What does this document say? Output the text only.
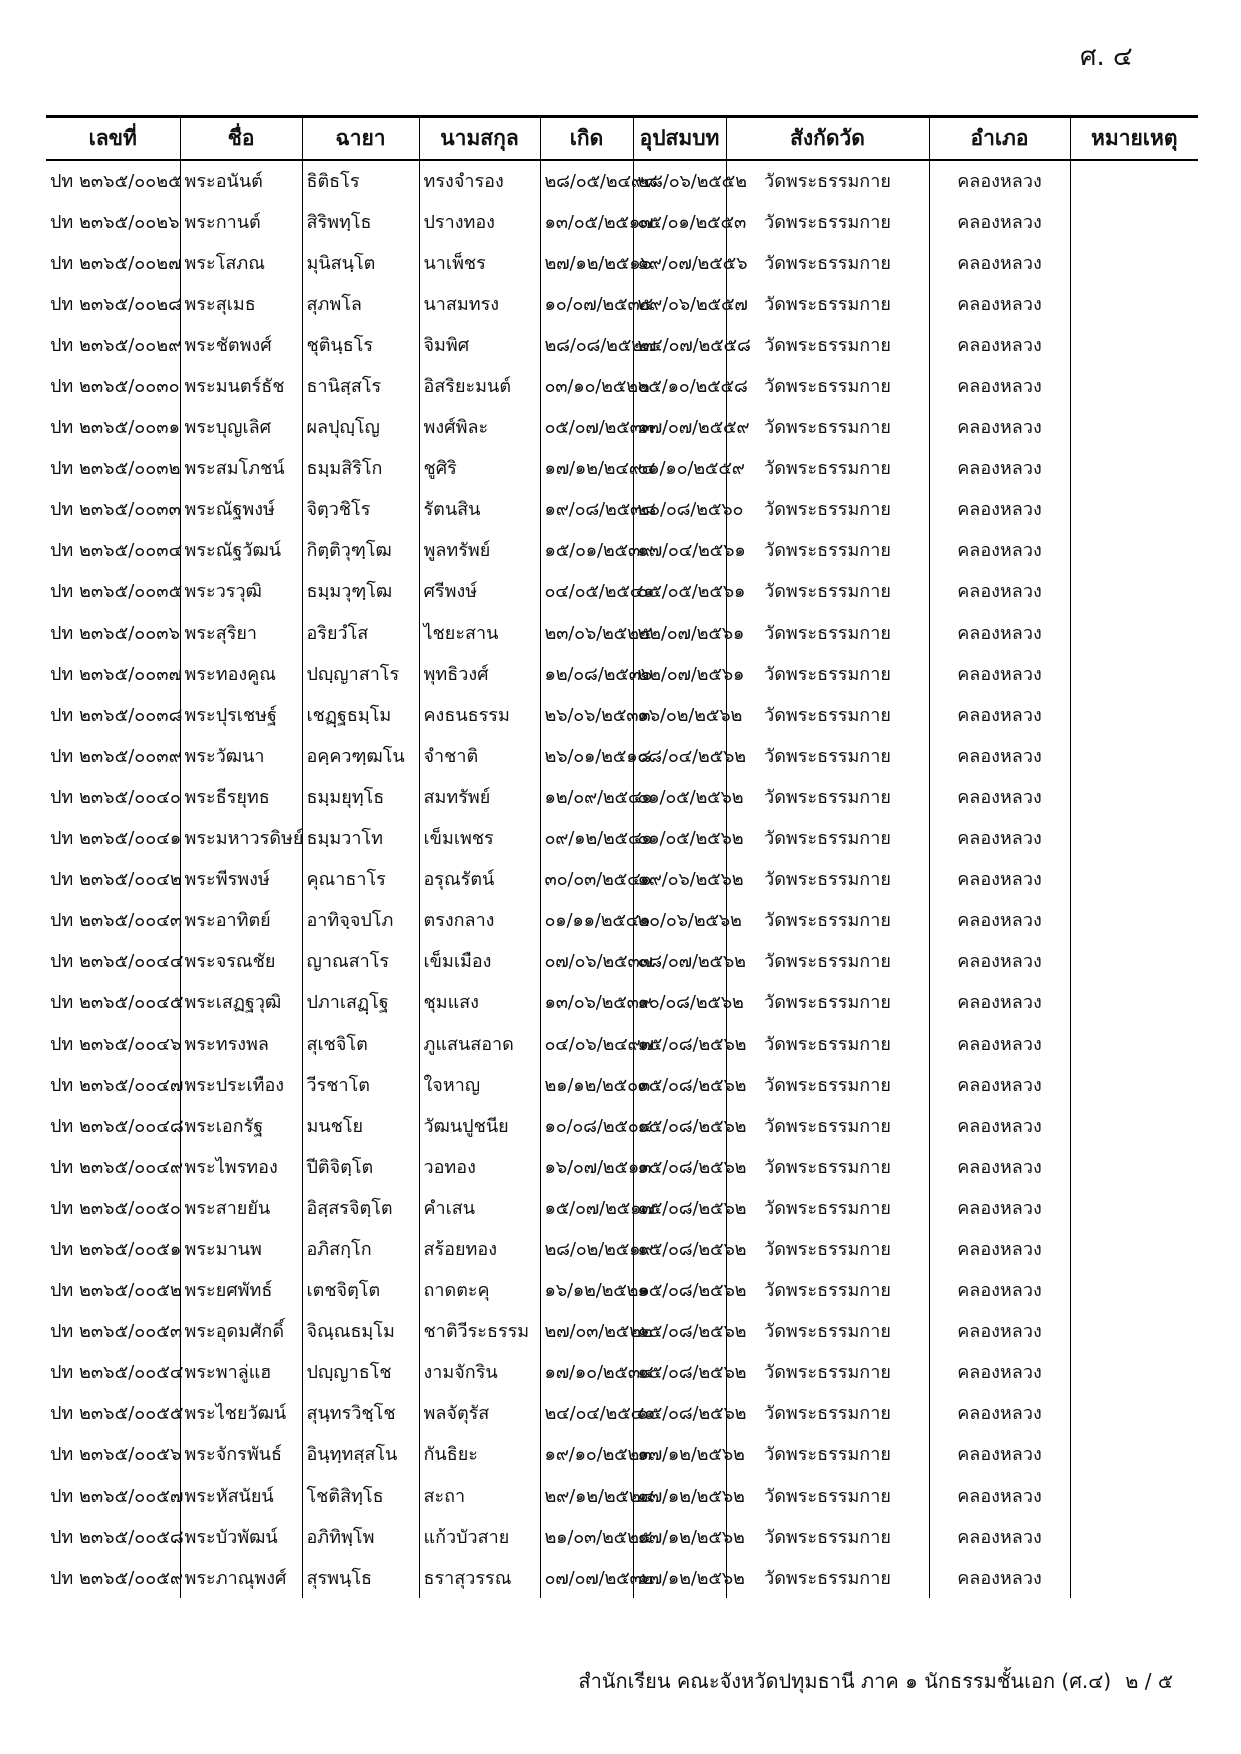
ศ. ๔
เลขที่	ชื่อ	ฉายา	นามสกุล	เกิด	อุปสมบท	สังกัดวัด	อำเภอ	หมายเหตุ
ปท ๒๓๖๕/๐๐๒๕	พระอนันต์	ธิติธโร	ทรงจำรอง	๒๘/๐๕/๒๔๙๘	๒๘/๐๖/๒๕๕๒	วัดพระธรรมกาย	คลองหลวง	
ปท ๒๓๖๕/๐๐๒๖	พระกานต์	สิริพทฺโธ	ปรางทอง	๑๓/๐๕/๒๕๑๗	๐๕/๐๑/๒๕๕๓	วัดพระธรรมกาย	คลองหลวง	
ปท ๒๓๖๕/๐๐๒๗	พระโสภณ	มุนิสนฺโต	นาเพ็ชร	๒๗/๑๒/๒๕๑๖	๑๙/๐๗/๒๕๕๖	วัดพระธรรมกาย	คลองหลวง	
ปท ๒๓๖๕/๐๐๒๘	พระสุเมธ	สุภพโล	นาสมทรง	๑๐/๐๗/๒๕๓๕	๒๙/๐๖/๒๕๕๗	วัดพระธรรมกาย	คลองหลวง	
ปท ๒๓๖๕/๐๐๒๙	พระชัตพงศ์	ชุตินฺธโร	จิมพิศ	๒๘/๐๘/๒๕๒๗	๒๔/๐๗/๒๕๕๘	วัดพระธรรมกาย	คลองหลวง	
ปท ๒๓๖๕/๐๐๓๐	พระมนตร์ธัช	ธานิสฺสโร	อิสริยะมนต์	๐๓/๑๐/๒๕๒๒	๐๕/๑๐/๒๕๕๘	วัดพระธรรมกาย	คลองหลวง	
ปท ๒๓๖๕/๐๐๓๑	พระบุญเลิศ	ผลปุญฺโญ	พงศ์พิละ	๐๕/๐๗/๒๕๓๓	๑๗/๐๗/๒๕๕๙	วัดพระธรรมกาย	คลองหลวง	
ปท ๒๓๖๕/๐๐๓๒	พระสมโภชน์	ธมฺมสิริโก	ชูศิริ	๑๗/๑๒/๒๔๙๔	๐๑/๑๐/๒๕๕๙	วัดพระธรรมกาย	คลองหลวง	
ปท ๒๓๖๕/๐๐๓๓	พระณัฐพงษ์	จิตฺวชิโร	รัตนสิน	๑๙/๐๘/๒๕๓๘	๒๐/๐๘/๒๕๖๐	วัดพระธรรมกาย	คลองหลวง	
ปท ๒๓๖๕/๐๐๓๔	พระณัฐวัฒน์	กิตฺติวุฑฺโฒ	พูลทรัพย์	๑๕/๐๑/๒๕๓๙	๑๗/๐๔/๒๕๖๑	วัดพระธรรมกาย	คลองหลวง	
ปท ๒๓๖๕/๐๐๓๕	พระวรวุฒิ	ธมฺมวุฑฺโฒ	ศรีพงษ์	๐๔/๐๕/๒๕๔๑	๐๕/๐๕/๒๕๖๑	วัดพระธรรมกาย	คลองหลวง	
ปท ๒๓๖๕/๐๐๓๖	พระสุริยา	อริยวํโส	ไชยะสาน	๒๓/๐๖/๒๕๒๕	๒๒/๐๗/๒๕๖๑	วัดพระธรรมกาย	คลองหลวง	
ปท ๒๓๖๕/๐๐๓๗	พระทองคูณ	ปญฺญาสาโร	พุทธิวงศ์	๑๒/๐๘/๒๕๓๖	๒๒/๐๗/๒๕๖๑	วัดพระธรรมกาย	คลองหลวง	
ปท ๒๓๖๕/๐๐๓๘	พระปุรเชษฐ์	เชฏฺฐธมฺโม	คงธนธรรม	๒๖/๐๖/๒๕๓๓	๑๖/๐๒/๒๕๖๒	วัดพระธรรมกาย	คลองหลวง	
ปท ๒๓๖๕/๐๐๓๙	พระวัฒนา	อคฺควฑฺฒโน	จำชาติ	๒๖/๐๑/๒๕๑๘	๐๘/๐๔/๒๕๖๒	วัดพระธรรมกาย	คลองหลวง	
ปท ๒๓๖๕/๐๐๔๐	พระธีรยุทธ	ธมฺมยุทฺโธ	สมทรัพย์	๑๒/๐๙/๒๕๔๑	๐๑/๐๕/๒๕๖๒	วัดพระธรรมกาย	คลองหลวง	
ปท ๒๓๖๕/๐๐๔๑	พระมหาวรดิษย์	ธมฺมวาโท	เข็มเพชร	๐๙/๑๒/๒๕๔๑	๐๑/๐๕/๒๕๖๒	วัดพระธรรมกาย	คลองหลวง	
ปท ๒๓๖๕/๐๐๔๒	พระพีรพงษ์	คุณาธาโร	อรุณรัตน์	๓๐/๐๓/๒๕๔๑	๑๙/๐๖/๒๕๖๒	วัดพระธรรมกาย	คลองหลวง	
ปท ๒๓๖๕/๐๐๔๓	พระอาทิตย์	อาทิจฺจปโภ	ตรงกลาง	๐๑/๑๑/๒๕๔๑	๒๐/๐๖/๒๕๖๒	วัดพระธรรมกาย	คลองหลวง	
ปท ๒๓๖๕/๐๐๔๔	พระจรณชัย	ญาณสาโร	เข็มเมือง	๐๗/๐๖/๒๕๓๗	๐๘/๐๗/๒๕๖๒	วัดพระธรรมกาย	คลองหลวง	
ปท ๒๓๖๕/๐๐๔๕	พระเสฏฐวุฒิ	ปภาเสฏฺโฐ	ชุมแสง	๑๓/๐๖/๒๕๓๙	๑๐/๐๘/๒๕๖๒	วัดพระธรรมกาย	คลองหลวง	
ปท ๒๓๖๕/๐๐๔๖	พระทรงพล	สุเชจิโต	ภูแสนสอาด	๐๔/๐๖/๒๔๙๗	๑๕/๐๘/๒๕๖๒	วัดพระธรรมกาย	คลองหลวง	
ปท ๒๓๖๕/๐๐๔๗	พระประเทือง	วีรชาโต	ใจหาญ	๒๑/๑๒/๒๕๐๓	๑๕/๐๘/๒๕๖๒	วัดพระธรรมกาย	คลองหลวง	
ปท ๒๓๖๕/๐๐๔๘	พระเอกรัฐ	มนชโย	วัฒนปูชนีย	๑๐/๐๘/๒๕๐๔	๑๕/๐๘/๒๕๖๒	วัดพระธรรมกาย	คลองหลวง	
ปท ๒๓๖๕/๐๐๔๙	พระไพรทอง	ปีติจิตฺโต	วอทอง	๑๖/๐๗/๒๕๑๓	๑๕/๐๘/๒๕๖๒	วัดพระธรรมกาย	คลองหลวง	
ปท ๒๓๖๕/๐๐๕๐	พระสายยัน	อิสฺสรจิตฺโต	คำเสน	๑๕/๐๗/๒๕๑๗	๑๕/๐๘/๒๕๖๒	วัดพระธรรมกาย	คลองหลวง	
ปท ๒๓๖๕/๐๐๕๑	พระมานพ	อภิสกฺโก	สร้อยทอง	๒๘/๐๒/๒๕๑๙	๑๕/๐๘/๒๕๖๒	วัดพระธรรมกาย	คลองหลวง	
ปท ๒๓๖๕/๐๐๕๒	พระยศพัทธ์	เตชจิตฺโต	ถาดตะคุ	๑๖/๑๒/๒๕๒๑	๑๕/๐๘/๒๕๖๒	วัดพระธรรมกาย	คลองหลวง	
ปท ๒๓๖๕/๐๐๕๓	พระอุดมศักดิ์	จิณฺณธมฺโม	ชาติวีระธรรม	๒๗/๐๓/๒๕๒๒	๑๕/๐๘/๒๕๖๒	วัดพระธรรมกาย	คลองหลวง	
ปท ๒๓๖๕/๐๐๕๔	พระพาลู่แฮ	ปญฺญาธโช	งามจักริน	๑๗/๑๐/๒๕๓๔	๑๕/๐๘/๒๕๖๒	วัดพระธรรมกาย	คลองหลวง	
ปท ๒๓๖๕/๐๐๕๕	พระไชยวัฒน์	สุนฺทรวิชฺโช	พลจัตุรัส	๒๔/๐๔/๒๕๔๑	๑๕/๐๘/๒๕๖๒	วัดพระธรรมกาย	คลองหลวง	
ปท ๒๓๖๕/๐๐๕๖	พระจักรพันธ์	อินฺทฺทสฺสโน	กันธิยะ	๑๙/๑๐/๒๕๒๓	๑๗/๑๒/๒๕๖๒	วัดพระธรรมกาย	คลองหลวง	
ปท ๒๓๖๕/๐๐๕๗	พระหัสนัยน์	โชติสิทฺโธ	สะถา	๒๙/๑๒/๒๕๒๔	๑๗/๑๒/๒๕๖๒	วัดพระธรรมกาย	คลองหลวง	
ปท ๒๓๖๕/๐๐๕๘	พระบัวพัฒน์	อภิทิพฺโพ	แก้วบัวสาย	๒๑/๐๓/๒๕๒๕	๑๗/๑๒/๒๕๖๒	วัดพระธรรมกาย	คลองหลวง	
ปท ๒๓๖๕/๐๐๕๙	พระภาณุพงศ์	สุรพนฺโธ	ธราสุวรรณ	๐๗/๐๗/๒๕๓๒	๑๗/๑๒/๒๕๖๒	วัดพระธรรมกาย	คลองหลวง	
สำนักเรียน คณะจังหวัดปทุมธานี ภาค ๑ นักธรรมชั้นเอก (ศ.๔) ๒ / ๕
